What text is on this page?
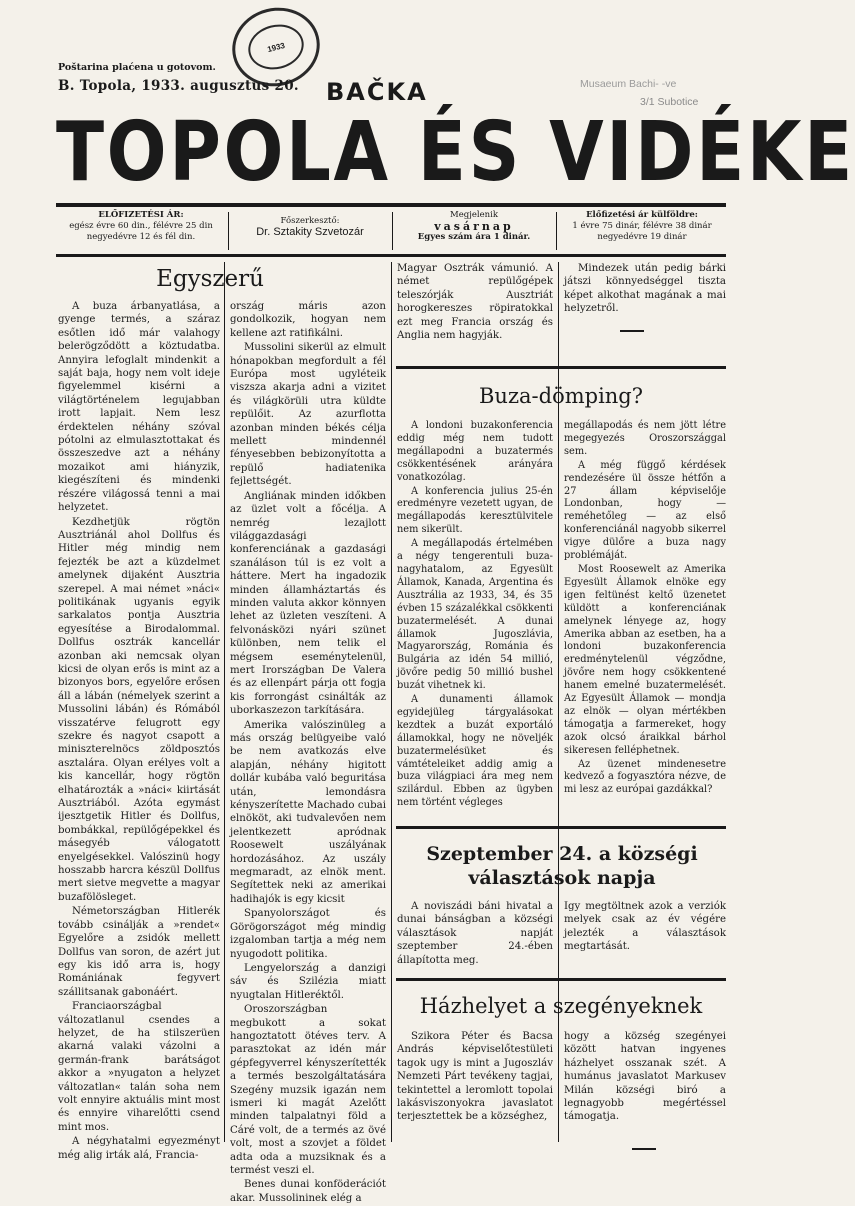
1933
Poštarina plaćena u gotovom.
B. Topola, 1933. augusztus 20. BAČKA	Musaeum Bachi- -ve
3/1 Subotice
TOPOLA ÉS VIDÉKE
ELŐFIZETÉSI ÁR:
egész évre 60 din., félévre 25 din
negyedévre 12 és fél din.
Főszerkesztő:
Dr. Sztakity Szvetozár
Megjelenik
vasárnap
Egyes szám ára 1 dinár.
Előfizetési ár külföldre:
1 évre 75 dinár, félévre 38 dinár
negyedévre 19 dinár
Egyszerű

A buza árbanyatlása, a gyenge termés, a száraz esőtlen idő már valahogy belerögződött a köztudatba. Annyira lefoglalt mindenkit a saját baja, hogy nem volt ideje figyelemmel kisérni a világtörténelem legujabban irott lapjait. Nem lesz érdektelen néhány szóval pótolni az elmulasztottakat és összeszedve azt a néhány mozaikot ami hiányzik, kiegészíteni és mindenki részére világossá tenni a mai helyzetet.

Kezdhetjük rögtön Ausztriánál ahol Dollfus és Hitler még mindig nem fejezték be azt a küzdelmet amelynek dijaként Ausztria szerepel. A mai német »náci« politikának ugyanis egyik sarkalatos pontja Ausztria egyesítése a Birodalommal. Dollfus osztrák kancellár azonban aki nemcsak olyan kicsi de olyan erős is mint az a bizonyos bors, egyelőre erősen áll a lábán (némelyek szerint a Mussolini lábán) és Rómából visszatérve felugrott egy szekre és nagyot csapott a miniszterelnöcs zöldposztós asztalára. Olyan erélyes volt a kis kancellár, hogy rögtön elhatározták a »náci« kiirtását Ausztriából. Azóta egymást ijesztgetik Hitler és Dollfus, bombákkal, repülőgépekkel és másegyéb válogatott enyelgésekkel. Valószinü hogy hosszabb harcra készül Dollfus mert sietve megvette a magyar buzafölösleget.

Németországban Hitlerék tovább csinálják a »rendet« Egyelőre a zsidók mellett Dollfus van soron, de azért jut egy kis idő arra is, hogy Romániának fegyvert szállitsanak gabonáért.

Franciaországbal változatlanul csendes a helyzet, de ha stilszerüen akarná valaki vázolni a germán-frank barátságot akkor a »nyugaton a helyzet változatlan« talán soha nem volt ennyire aktuális mint most és ennyire viharelőtti csend mint mos.

A négyhatalmi egyezményt még alig irták alá, Francia-

ország máris azon gondolkozik, hogyan nem kellene azt ratifikálni.

Mussolini sikerül az elmult hónapokban megfordult a fél Európa most ugyléteik viszsza akarja adni a vizitet és világkörüli utra küldte repülőit. Az azurflotta azonban minden békés célja mellett mindennél fényesebben bebizonyította a repülő hadiatenika fejlettségét.

Angliának minden időkben az üzlet volt a főcélja. A nemrég lezajlott világgazdasági konferenciának a gazdasági szanáláson túl is ez volt a háttere. Mert ha ingadozik minden államháztartás és minden valuta akkor könnyen lehet az üzleten veszíteni. A felvonásközi nyári szünet különben, nem telik el mégsem eseménytelenül, mert Irországban De Valera és az ellenpárt párja ott fogja kis forrongást csinálták az uborkaszezon tarkítására.

Amerika valószinüleg a más ország belügyeibe való be nem avatkozás elve alapján, néhány higitott dollár kubába való beguritása után, lemondásra kényszerítette Machado cubai elnököt, aki tudvalevően nem jelentkezett apródnak Roosewelt uszályának hordozásához. Az uszály megmaradt, az elnök ment. Segítettek neki az amerikai hadihajók is egy kicsit

Spanyolországot és Görögországot még mindig izgalomban tartja a még nem nyugodott politika.

Lengyelország a danzigi sáv és Szilézia miatt nyugtalan Hitleréktől.

Oroszországban megbukott a sokat hangoztatott ötéves terv. A parasztokat az idén már gépfegyverrel kényszerítették a termés beszolgáltatására Szegény muzsik igazán nem ismeri ki magát Azelőtt minden talpalatnyi föld a Cáré volt, de a termés az övé volt, most a szovjet a földet adta oda a muzsiknak és a termést veszi el.

Benes dunai konföderációt akar. Mussolininek elég a

Magyar Osztrák vámunió. A német repülőgépek teleszórják Ausztriát horogkereszes röpiratokkal ezt meg Francia ország és Anglia nem hagyják.

Mindezek után pedig bárki játszi könnyedséggel tiszta képet alkothat magának a mai helyzetről.

Buza-dömping?

A londoni buzakonferencia eddig még nem tudott megállapodni a buzatermés csökkentésének arányára vonatkozólag.

A konferencia julius 25-én eredményre vezetett ugyan, de megállapodás keresztülvitele nem sikerült.

A megállapodás értelmében a négy tengerentuli buza-nagyhatalom, az Egyesült Államok, Kanada, Argentina és Ausztrália az 1933, 34, és 35 évben 15 százalékkal csökkenti buzatermelését. A dunai államok Jugoszlávia, Magyarország, Románia és Bulgária az idén 54 millió, jövőre pedig 50 millió bushel buzát vihetnek ki.

A dunamenti államok egyidejüleg tárgyalásokat kezdtek a buzát exportáló államokkal, hogy ne növeljék buzatermelésüket és vámtételeiket addig amig a buza világpiaci ára meg nem szilárdul. Ebben az ügyben nem történt végleges

megállapodás és nem jött létre megegyezés Oroszországgal sem.

A még függő kérdések rendezésére ül össze hétfőn a 27 állam képviselője Londonban, hogy — reméhetőleg — az első konferenciánál nagyobb sikerrel vigye dülőre a buza nagy problémáját.

Most Roosewelt az Amerika Egyesült Államok elnöke egy igen feltünést keltő üzenetet küldött a konferenciának amelynek lényege az, hogy Amerika abban az esetben, ha a londoni buzakonferencia eredménytelenül végződne, jövőre nem hogy csökkentené hanem emelné buzatermelését. Az Egyesült Államok — mondja az elnök — olyan mértékben támogatja a farmereket, hogy azok olcsó áraikkal bárhol sikeresen felléphetnek.

Az üzenet mindenesetre kedvező a fogyasztóra nézve, de mi lesz az európai gazdákkal?

Szeptember 24. a községi választások napja

A noviszádi báni hivatal a dunai bánságban a községi választások napját szeptember 24.-ében állapította meg.

Igy megtöltnek azok a verziók melyek csak az év végére jelezték a választások megtartását.

Házhelyet a szegényeknek

Szikora Péter és Bacsa András képviselőtestületi tagok ugy is mint a Jugoszláv Nemzeti Párt tevékeny tagjai, tekintettel a leromlott topolai lakásviszonyokra javaslatot terjesztettek be a községhez,

hogy a község szegényei között hatvan ingyenes házhelyet osszanak szét. A humánus javaslatot Markusev Milán községi biró a legnagyobb megértéssel támogatja.
